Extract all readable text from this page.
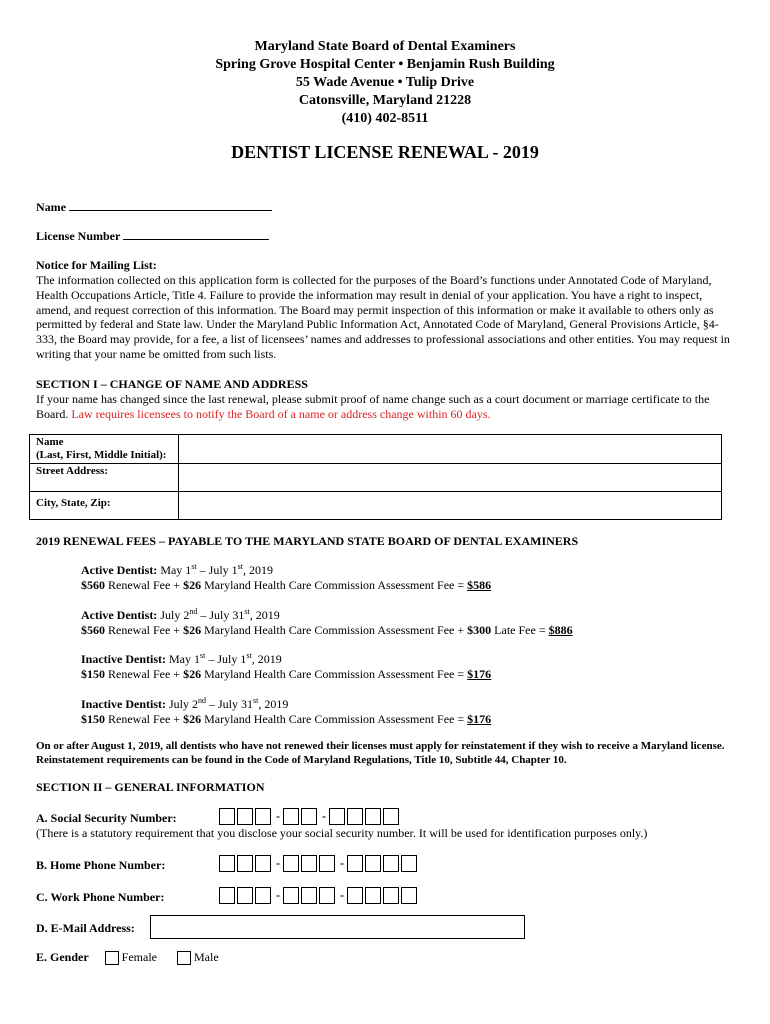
Maryland State Board of Dental Examiners
Spring Grove Hospital Center • Benjamin Rush Building
55 Wade Avenue • Tulip Drive
Catonsville, Maryland 21228
(410) 402-8511
DENTIST LICENSE RENEWAL - 2019
Name
License Number
Notice for Mailing List:
The information collected on this application form is collected for the purposes of the Board’s functions under Annotated Code of Maryland, Health Occupations Article, Title 4. Failure to provide the information may result in denial of your application. You have a right to inspect, amend, and request correction of this information. The Board may permit inspection of this information or make it available to others only as permitted by federal and State law. Under the Maryland Public Information Act, Annotated Code of Maryland, General Provisions Article, §4-333, the Board may provide, for a fee, a list of licensees’ names and addresses to professional associations and other entities. You may request in writing that your name be omitted from such lists.
SECTION I – CHANGE OF NAME AND ADDRESS
If your name has changed since the last renewal, please submit proof of name change such as a court document or marriage certificate to the Board. Law requires licensees to notify the Board of a name or address change within 60 days.
Name
(Last, First, Middle Initial):	

Street Address:	
City, State, Zip:	
2019 RENEWAL FEES – PAYABLE TO THE MARYLAND STATE BOARD OF DENTAL EXAMINERS
Active Dentist: May 1st – July 1st, 2019
$560 Renewal Fee + $26 Maryland Health Care Commission Assessment Fee = $586
Active Dentist: July 2nd – July 31st, 2019
$560 Renewal Fee + $26 Maryland Health Care Commission Assessment Fee + $300 Late Fee = $886
Inactive Dentist: May 1st – July 1st, 2019
$150 Renewal Fee + $26 Maryland Health Care Commission Assessment Fee = $176
Inactive Dentist: July 2nd – July 31st, 2019
$150 Renewal Fee + $26 Maryland Health Care Commission Assessment Fee = $176
On or after August 1, 2019, all dentists who have not renewed their licenses must apply for reinstatement if they wish to receive a Maryland license. Reinstatement requirements can be found in the Code of Maryland Regulations, Title 10, Subtitle 44, Chapter 10.
SECTION II – GENERAL INFORMATION
A. Social Security Number:	-	-
(There is a statutory requirement that you disclose your social security number. It will be used for identification purposes only.)
B. Home Phone Number:	-	-
C. Work Phone Number:	-	-
D. E-Mail Address:
E. Gender	Female	Male
